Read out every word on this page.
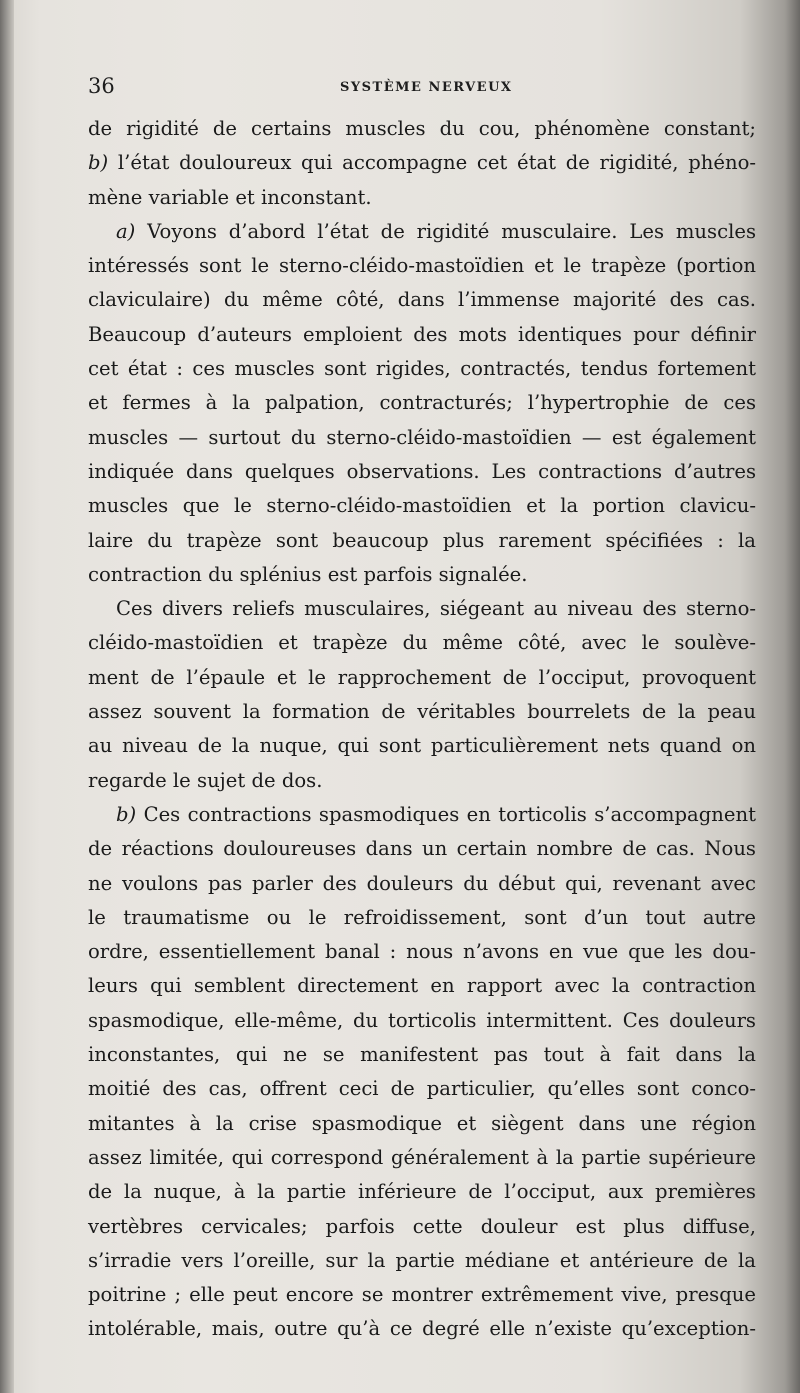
36	SYSTÈME NERVEUX
de rigidité de certains muscles du cou, phénomène constant;
b) l’état douloureux qui accompagne cet état de rigidité, phéno-
mène variable et inconstant.
a) Voyons d’abord l’état de rigidité musculaire. Les muscles
intéressés sont le sterno-cléido-mastoïdien et le trapèze (portion
claviculaire) du même côté, dans l’immense majorité des cas.
Beaucoup d’auteurs emploient des mots identiques pour définir
cet état : ces muscles sont rigides, contractés, tendus fortement
et fermes à la palpation, contracturés; l’hypertrophie de ces
muscles — surtout du sterno-cléido-mastoïdien — est également
indiquée dans quelques observations. Les contractions d’autres
muscles que le sterno-cléido-mastoïdien et la portion clavicu-
laire du trapèze sont beaucoup plus rarement spécifiées : la
contraction du splénius est parfois signalée.
Ces divers reliefs musculaires, siégeant au niveau des sterno-
cléido-mastoïdien et trapèze du même côté, avec le soulève-
ment de l’épaule et le rapprochement de l’occiput, provoquent
assez souvent la formation de véritables bourrelets de la peau
au niveau de la nuque, qui sont particulièrement nets quand on
regarde le sujet de dos.
b) Ces contractions spasmodiques en torticolis s’accompagnent
de réactions douloureuses dans un certain nombre de cas. Nous
ne voulons pas parler des douleurs du début qui, revenant avec
le traumatisme ou le refroidissement, sont d’un tout autre
ordre, essentiellement banal : nous n’avons en vue que les dou-
leurs qui semblent directement en rapport avec la contraction
spasmodique, elle-même, du torticolis intermittent. Ces douleurs
inconstantes, qui ne se manifestent pas tout à fait dans la
moitié des cas, offrent ceci de particulier, qu’elles sont conco-
mitantes à la crise spasmodique et siègent dans une région
assez limitée, qui correspond généralement à la partie supérieure
de la nuque, à la partie inférieure de l’occiput, aux premières
vertèbres cervicales; parfois cette douleur est plus diffuse,
s’irradie vers l’oreille, sur la partie médiane et antérieure de la
poitrine ; elle peut encore se montrer extrêmement vive, presque
intolérable, mais, outre qu’à ce degré elle n’existe qu’exception-
